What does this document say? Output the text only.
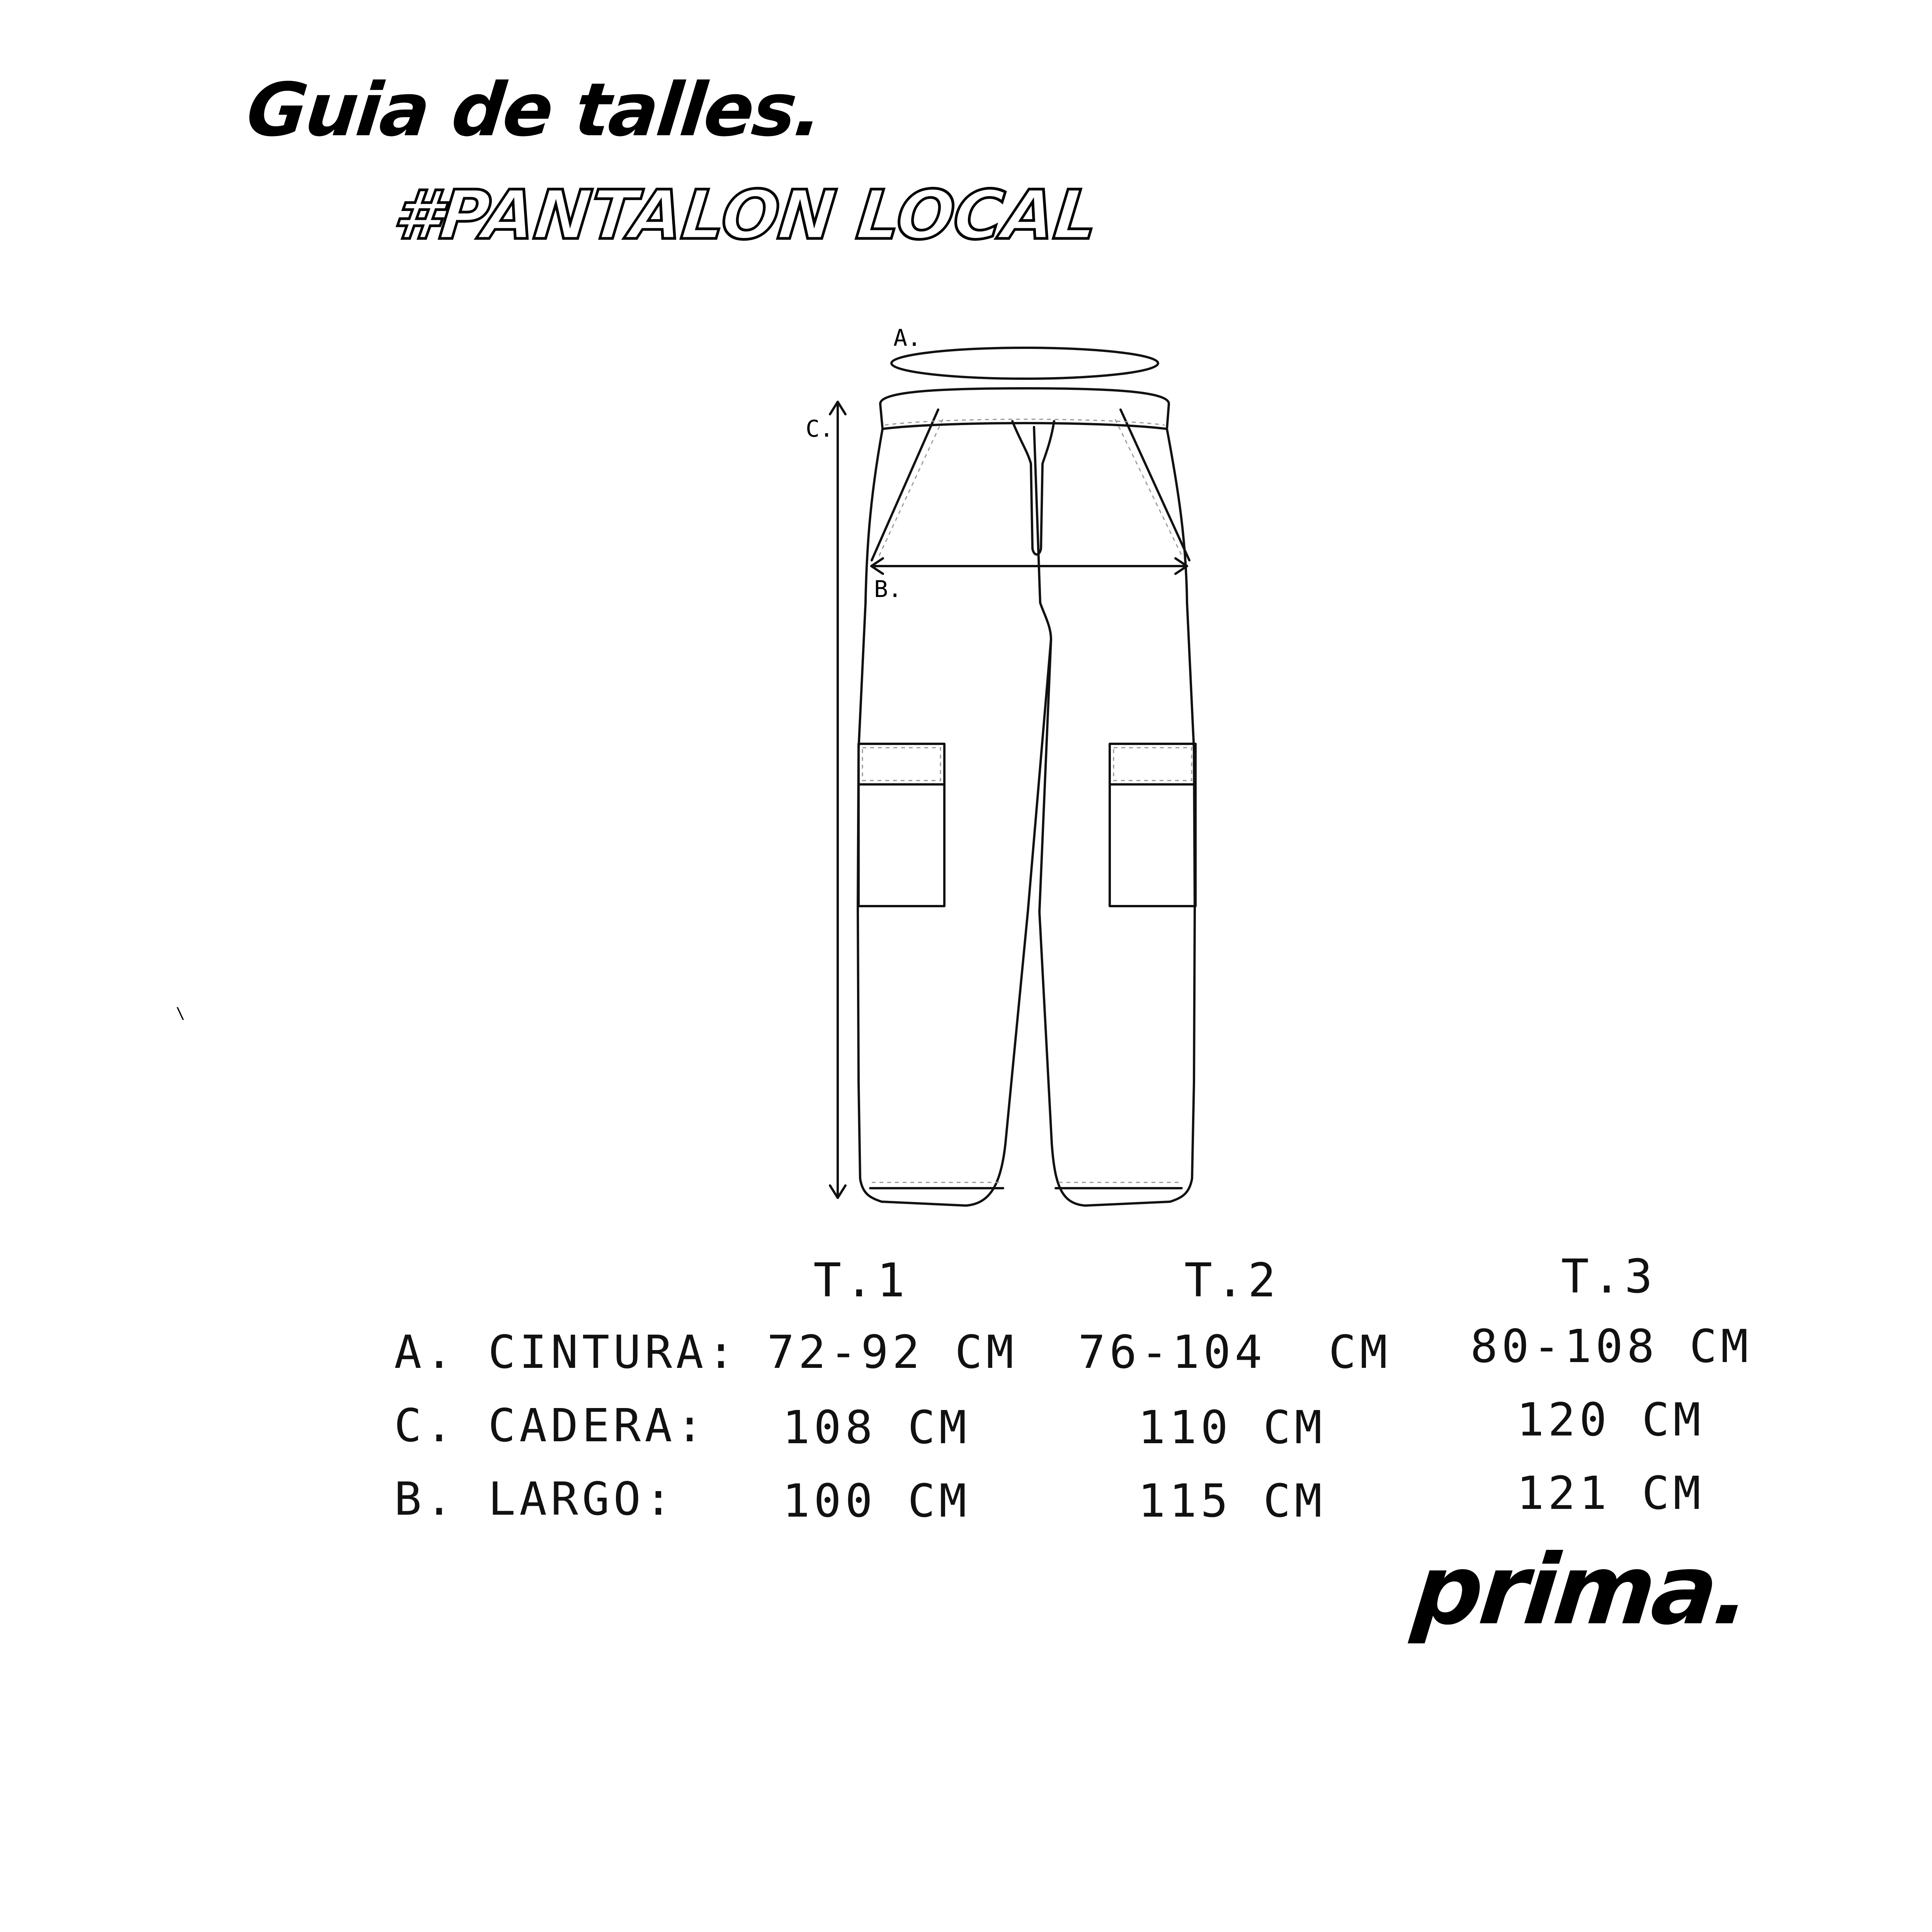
Guia de talles.
#PANTALON LOCAL
A.
B.
C.
T.1	T.2	T.3
A. CINTURA: 72-92 CM 76-104  CM 80-108 CM
C. CADERA: 108 CM	110 CM	120 CM
B. LARGO: 100 CM	115 CM	121 CM
prima.
\
